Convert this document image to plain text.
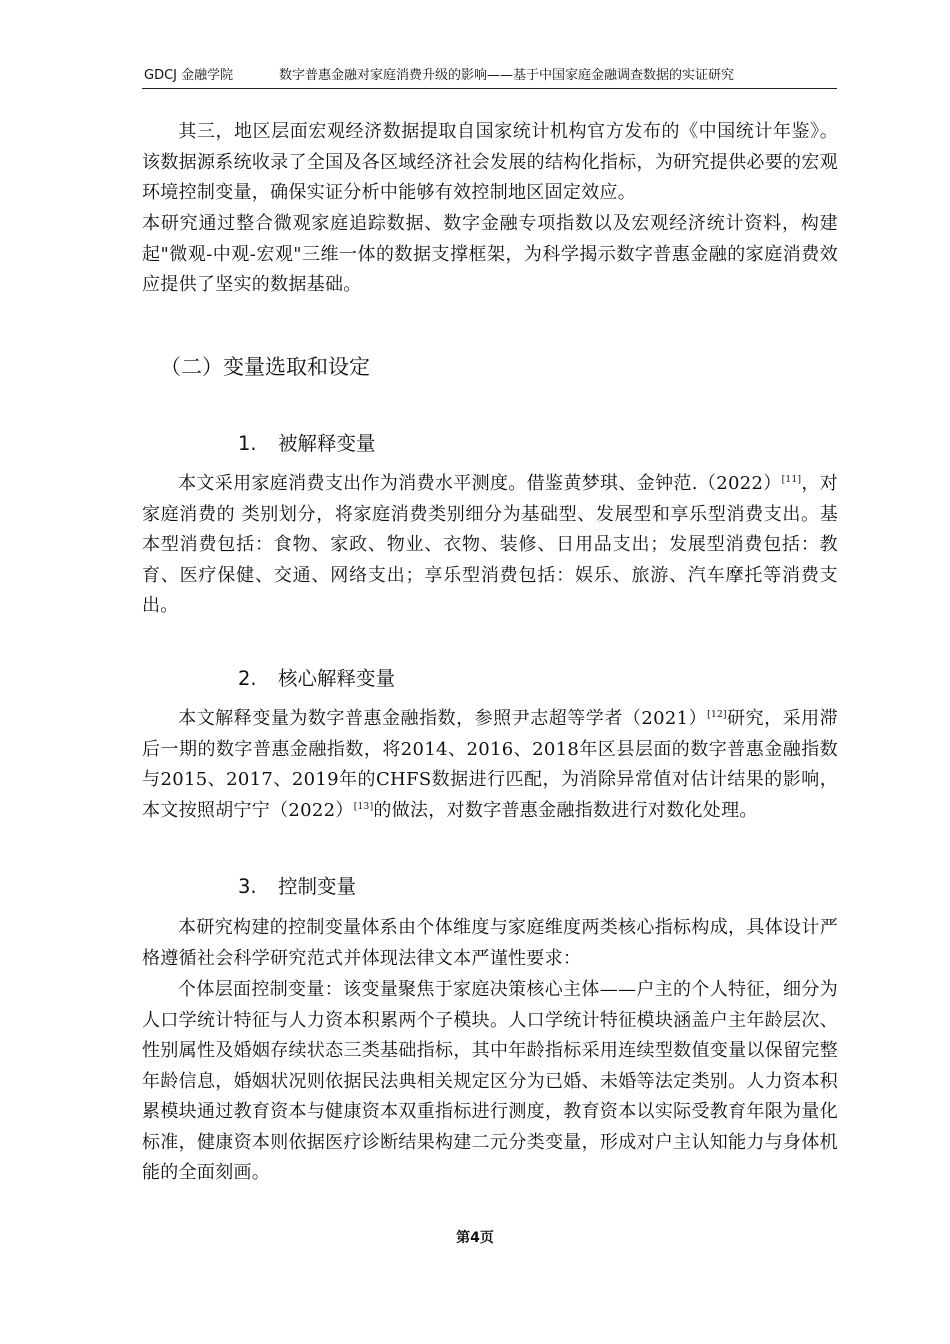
GDCJ 金融学院	数字普惠金融对家庭消费升级的影响——基于中国家庭金融调查数据的实证研究
其三，地区层面宏观经济数据提取自国家统计机构官方发布的《中国统计年鉴》。该数据源系统收录了全国及各区域经济社会发展的结构化指标，为研究提供必要的宏观环境控制变量，确保实证分析中能够有效控制地区固定效应。
本研究通过整合微观家庭追踪数据、数字金融专项指数以及宏观经济统计资料，构建起"微观-中观-宏观"三维一体的数据支撑框架，为科学揭示数字普惠金融的家庭消费效应提供了坚实的数据基础。
（二）变量选取和设定
1. 被解释变量
本文采用家庭消费支出作为消费水平测度。借鉴黄梦琪、金钟范.（2022）[11]，对家庭消费的 类别划分，将家庭消费类别细分为基础型、发展型和享乐型消费支出。基本型消费包括：食物、家政、物业、衣物、装修、日用品支出；发展型消费包括：教育、医疗保健、交通、网络支出；享乐型消费包括：娱乐、旅游、汽车摩托等消费支出。
2. 核心解释变量
本文解释变量为数字普惠金融指数，参照尹志超等学者（2021）[12]研究，采用滞后一期的数字普惠金融指数，将2014、2016、2018年区县层面的数字普惠金融指数与2015、2017、2019年的CHFS数据进行匹配，为消除异常值对估计结果的影响，本文按照胡宁宁（2022）[13]的做法，对数字普惠金融指数进行对数化处理。
3. 控制变量
本研究构建的控制变量体系由个体维度与家庭维度两类核心指标构成，具体设计严格遵循社会科学研究范式并体现法律文本严谨性要求：
个体层面控制变量：该变量聚焦于家庭决策核心主体——户主的个人特征，细分为人口学统计特征与人力资本积累两个子模块。人口学统计特征模块涵盖户主年龄层次、性别属性及婚姻存续状态三类基础指标，其中年龄指标采用连续型数值变量以保留完整年龄信息，婚姻状况则依据民法典相关规定区分为已婚、未婚等法定类别。人力资本积累模块通过教育资本与健康资本双重指标进行测度，教育资本以实际受教育年限为量化标准，健康资本则依据医疗诊断结果构建二元分类变量，形成对户主认知能力与身体机能的全面刻画。
第4页
